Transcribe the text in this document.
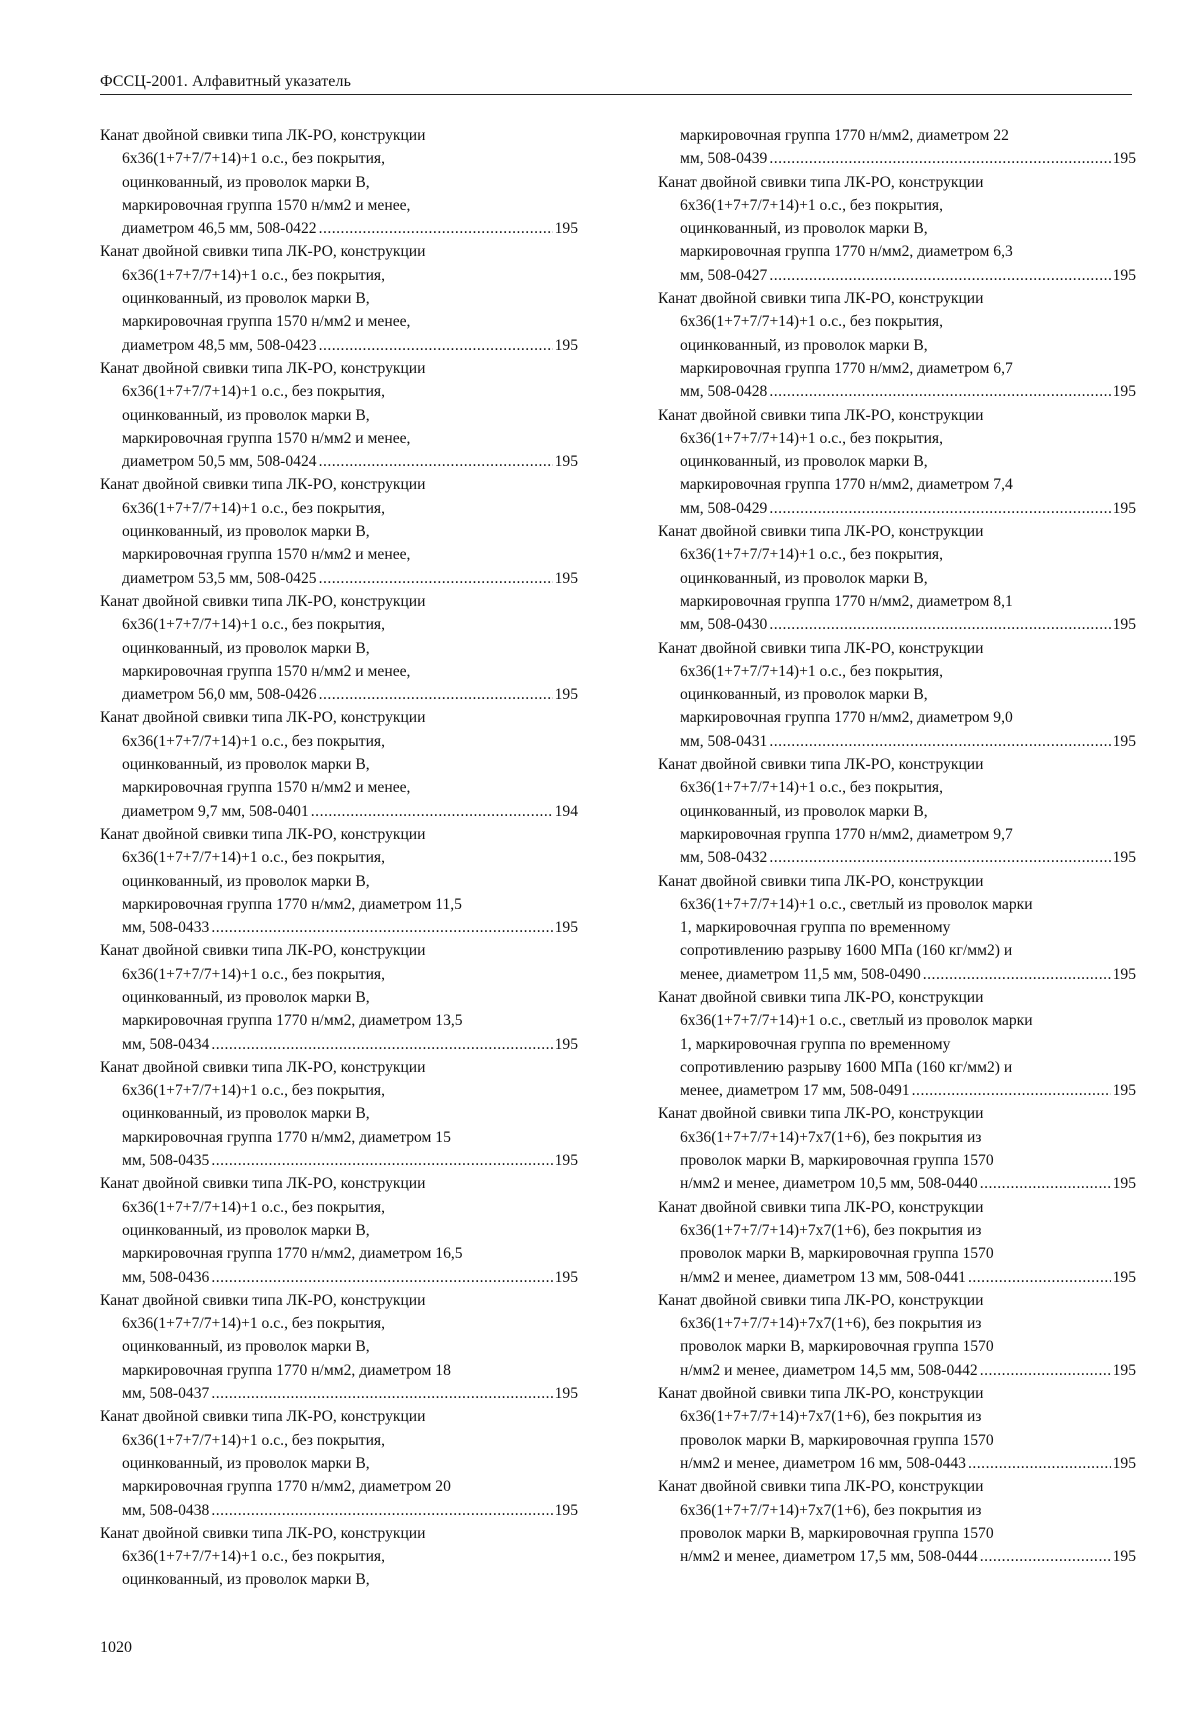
ФССЦ-2001. Алфавитный указатель
Канат двойной свивки типа ЛК-РО, конструкции
6х36(1+7+7/7+14)+1 о.с., без покрытия,
оцинкованный, из проволок марки В,
маркировочная группа 1570 н/мм2 и менее,
диаметром 46,5 мм, 508-0422 .....	195
Канат двойной свивки типа ЛК-РО, конструкции
6х36(1+7+7/7+14)+1 о.с., без покрытия,
оцинкованный, из проволок марки В,
маркировочная группа 1570 н/мм2 и менее,
диаметром 48,5 мм, 508-0423 .....	195
Канат двойной свивки типа ЛК-РО, конструкции
6х36(1+7+7/7+14)+1 о.с., без покрытия,
оцинкованный, из проволок марки В,
маркировочная группа 1570 н/мм2 и менее,
диаметром 50,5 мм, 508-0424 .....	195
Канат двойной свивки типа ЛК-РО, конструкции
6х36(1+7+7/7+14)+1 о.с., без покрытия,
оцинкованный, из проволок марки В,
маркировочная группа 1570 н/мм2 и менее,
диаметром 53,5 мм, 508-0425 .....	195
Канат двойной свивки типа ЛК-РО, конструкции
6х36(1+7+7/7+14)+1 о.с., без покрытия,
оцинкованный, из проволок марки В,
маркировочная группа 1570 н/мм2 и менее,
диаметром 56,0 мм, 508-0426 .....	195
Канат двойной свивки типа ЛК-РО, конструкции
6х36(1+7+7/7+14)+1 о.с., без покрытия,
оцинкованный, из проволок марки В,
маркировочная группа 1570 н/мм2 и менее,
диаметром 9,7 мм, 508-0401 .....	194
Канат двойной свивки типа ЛК-РО, конструкции
6х36(1+7+7/7+14)+1 о.с., без покрытия,
оцинкованный, из проволок марки В,
маркировочная группа 1770 н/мм2, диаметром 11,5
мм, 508-0433 .....	195
Канат двойной свивки типа ЛК-РО, конструкции
6х36(1+7+7/7+14)+1 о.с., без покрытия,
оцинкованный, из проволок марки В,
маркировочная группа 1770 н/мм2, диаметром 13,5
мм, 508-0434 .....	195
Канат двойной свивки типа ЛК-РО, конструкции
6х36(1+7+7/7+14)+1 о.с., без покрытия,
оцинкованный, из проволок марки В,
маркировочная группа 1770 н/мм2, диаметром 15
мм, 508-0435 .....	195
Канат двойной свивки типа ЛК-РО, конструкции
6х36(1+7+7/7+14)+1 о.с., без покрытия,
оцинкованный, из проволок марки В,
маркировочная группа 1770 н/мм2, диаметром 16,5
мм, 508-0436 .....	195
Канат двойной свивки типа ЛК-РО, конструкции
6х36(1+7+7/7+14)+1 о.с., без покрытия,
оцинкованный, из проволок марки В,
маркировочная группа 1770 н/мм2, диаметром 18
мм, 508-0437 .....	195
Канат двойной свивки типа ЛК-РО, конструкции
6х36(1+7+7/7+14)+1 о.с., без покрытия,
оцинкованный, из проволок марки В,
маркировочная группа 1770 н/мм2, диаметром 20
мм, 508-0438 .....	195
Канат двойной свивки типа ЛК-РО, конструкции
6х36(1+7+7/7+14)+1 о.с., без покрытия,
оцинкованный, из проволок марки В,
маркировочная группа 1770 н/мм2, диаметром 22
мм, 508-0439 .....	195
Канат двойной свивки типа ЛК-РО, конструкции
6х36(1+7+7/7+14)+1 о.с., без покрытия,
оцинкованный, из проволок марки В,
маркировочная группа 1770 н/мм2, диаметром 6,3
мм, 508-0427 .....	195
Канат двойной свивки типа ЛК-РО, конструкции
6х36(1+7+7/7+14)+1 о.с., без покрытия,
оцинкованный, из проволок марки В,
маркировочная группа 1770 н/мм2, диаметром 6,7
мм, 508-0428 .....	195
Канат двойной свивки типа ЛК-РО, конструкции
6х36(1+7+7/7+14)+1 о.с., без покрытия,
оцинкованный, из проволок марки В,
маркировочная группа 1770 н/мм2, диаметром 7,4
мм, 508-0429 .....	195
Канат двойной свивки типа ЛК-РО, конструкции
6х36(1+7+7/7+14)+1 о.с., без покрытия,
оцинкованный, из проволок марки В,
маркировочная группа 1770 н/мм2, диаметром 8,1
мм, 508-0430 .....	195
Канат двойной свивки типа ЛК-РО, конструкции
6х36(1+7+7/7+14)+1 о.с., без покрытия,
оцинкованный, из проволок марки В,
маркировочная группа 1770 н/мм2, диаметром 9,0
мм, 508-0431 .....	195
Канат двойной свивки типа ЛК-РО, конструкции
6х36(1+7+7/7+14)+1 о.с., без покрытия,
оцинкованный, из проволок марки В,
маркировочная группа 1770 н/мм2, диаметром 9,7
мм, 508-0432 .....	195
Канат двойной свивки типа ЛК-РО, конструкции
6х36(1+7+7/7+14)+1 о.с., светлый из проволок марки
1, маркировочная группа по временному
сопротивлению разрыву 1600 МПа (160 кг/мм2) и
менее, диаметром 11,5 мм, 508-0490 .....	195
Канат двойной свивки типа ЛК-РО, конструкции
6х36(1+7+7/7+14)+1 о.с., светлый из проволок марки
1, маркировочная группа по временному
сопротивлению разрыву 1600 МПа (160 кг/мм2) и
менее, диаметром 17 мм, 508-0491 .....	195
Канат двойной свивки типа ЛК-РО, конструкции
6х36(1+7+7/7+14)+7х7(1+6), без покрытия из
проволок марки В, маркировочная группа 1570
н/мм2 и менее, диаметром 10,5 мм, 508-0440 .....	195
Канат двойной свивки типа ЛК-РО, конструкции
6х36(1+7+7/7+14)+7х7(1+6), без покрытия из
проволок марки В, маркировочная группа 1570
н/мм2 и менее, диаметром 13 мм, 508-0441 .....	195
Канат двойной свивки типа ЛК-РО, конструкции
6х36(1+7+7/7+14)+7х7(1+6), без покрытия из
проволок марки В, маркировочная группа 1570
н/мм2 и менее, диаметром 14,5 мм, 508-0442 .....	195
Канат двойной свивки типа ЛК-РО, конструкции
6х36(1+7+7/7+14)+7х7(1+6), без покрытия из
проволок марки В, маркировочная группа 1570
н/мм2 и менее, диаметром 16 мм, 508-0443 .....	195
Канат двойной свивки типа ЛК-РО, конструкции
6х36(1+7+7/7+14)+7х7(1+6), без покрытия из
проволок марки В, маркировочная группа 1570
н/мм2 и менее, диаметром 17,5 мм, 508-0444 .....	195
1020
